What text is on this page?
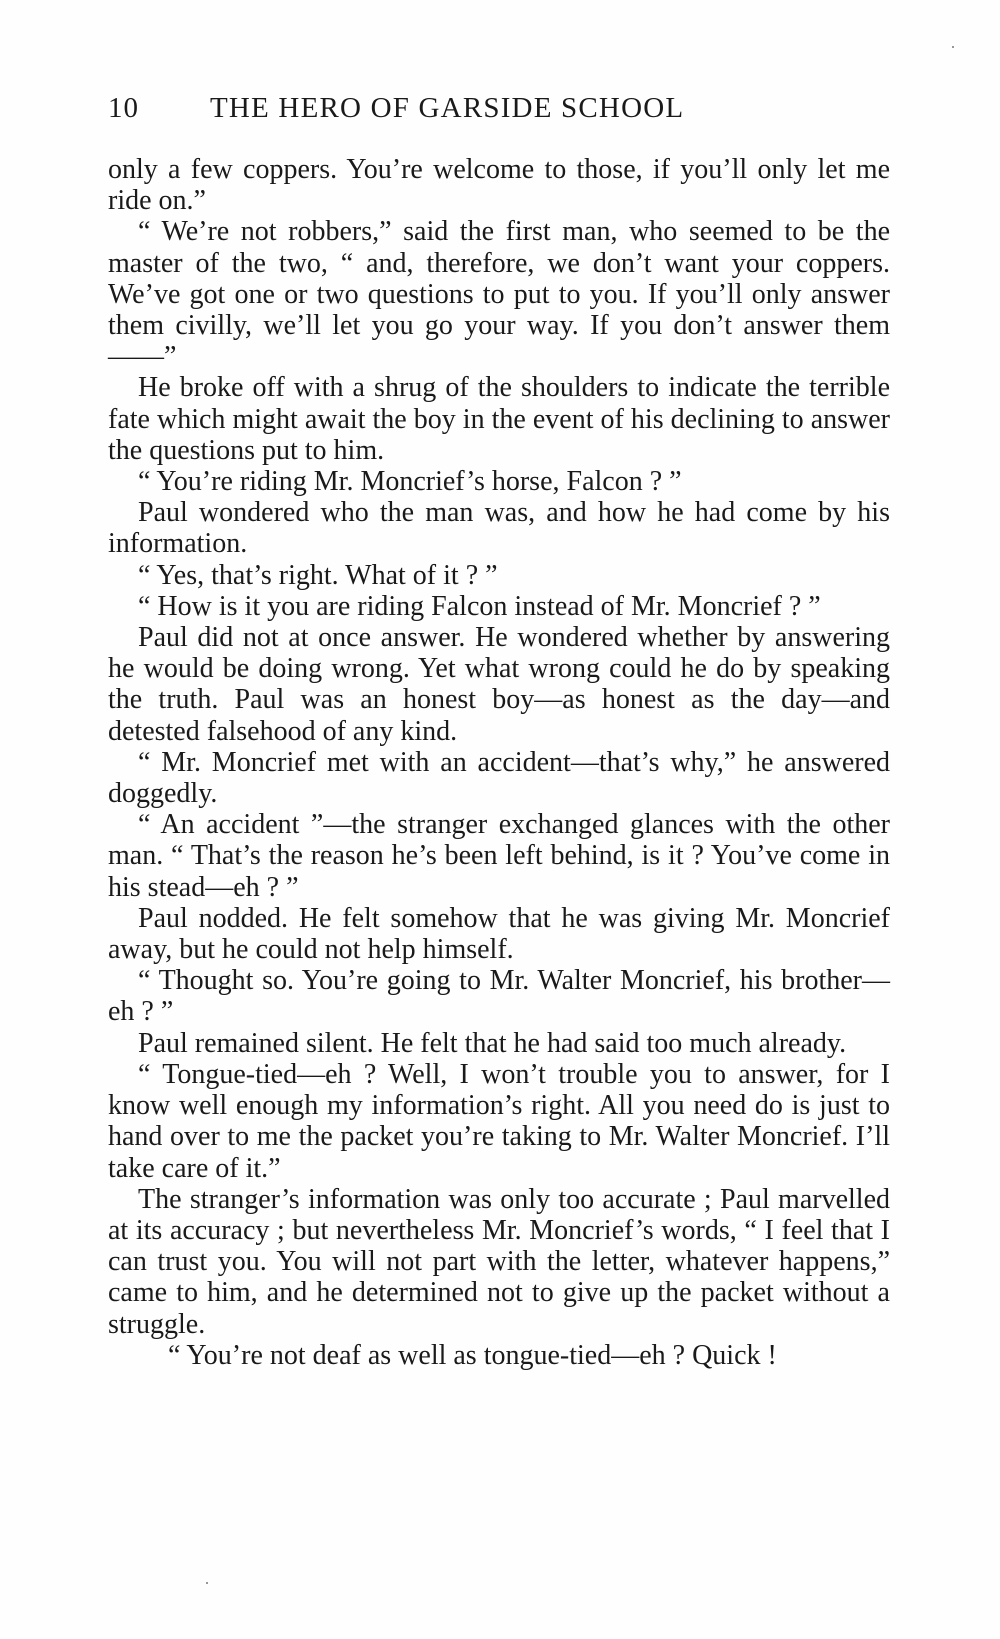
10 THE HERO OF GARSIDE SCHOOL

only a few coppers. You’re welcome to those, if you’ll only let me ride on.”

“ We’re not robbers,” said the first man, who seemed to be the master of the two, “ and, therefore, we don’t want your coppers. We’ve got one or two questions to put to you. If you’ll only answer them civilly, we’ll let you go your way. If you don’t answer them——”

He broke off with a shrug of the shoulders to indicate the terrible fate which might await the boy in the event of his declining to answer the questions put to him.

“ You’re riding Mr. Moncrief’s horse, Falcon ? ”

Paul wondered who the man was, and how he had come by his information.

“ Yes, that’s right. What of it ? ”

“ How is it you are riding Falcon instead of Mr. Moncrief ? ”

Paul did not at once answer. He wondered whether by answering he would be doing wrong. Yet what wrong could he do by speaking the truth. Paul was an honest boy—as honest as the day—and detested falsehood of any kind.

“ Mr. Moncrief met with an accident—that’s why,” he answered doggedly.

“ An accident ”—the stranger exchanged glances with the other man. “ That’s the reason he’s been left behind, is it ? You’ve come in his stead—eh ? ”

Paul nodded. He felt somehow that he was giving Mr. Moncrief away, but he could not help himself.

“ Thought so. You’re going to Mr. Walter Moncrief, his brother—eh ? ”

Paul remained silent. He felt that he had said too much already.

“ Tongue-tied—eh ? Well, I won’t trouble you to answer, for I know well enough my information’s right. All you need do is just to hand over to me the packet you’re taking to Mr. Walter Moncrief. I’ll take care of it.”

The stranger’s information was only too accurate ; Paul marvelled at its accuracy ; but nevertheless Mr. Moncrief’s words, “ I feel that I can trust you. You will not part with the letter, whatever happens,” came to him, and he determined not to give up the packet without a struggle.

“ You’re not deaf as well as tongue-tied—eh ? Quick !
